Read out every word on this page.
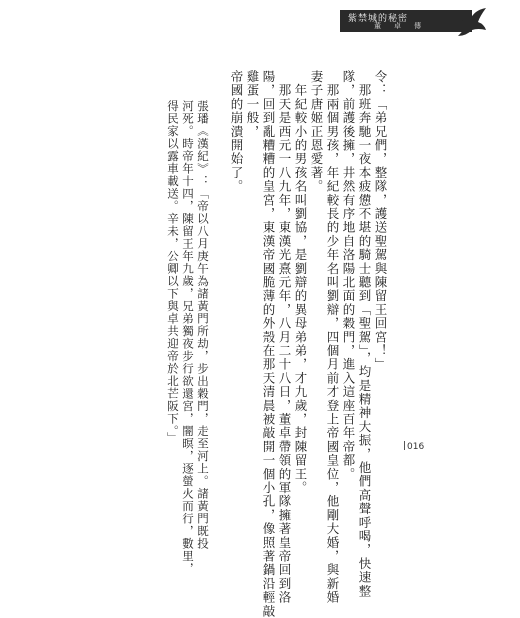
紫禁城的秘密
董　卓　傳
令：「弟兄們，整隊，護送聖駕與陳留王回宮！」
　那班奔馳一夜本疲憊不堪的騎士聽到「聖駕」，均是精神大振，他們高聲呼喝，快速整
隊，前護後擁，井然有序地自洛陽北面的穀門，進入這座百年帝都。
　那兩個男孩，年紀較長的少年名叫劉辯，四個月前才登上帝國皇位，他剛大婚，與新婚
妻子唐姬正恩愛著。
　年紀較小的男孩名叫劉協，是劉辯的異母弟弟，才九歲，封陳留王。
　那天是西元一八九年，東漢光熹元年，八月二十八日，董卓帶領的軍隊擁著皇帝回到洛
陽，回到亂糟糟的皇宮，東漢帝國脆薄的外殼在那天清晨被敲開一個小孔，像照著鍋沿輕敲
雞蛋一般，
帝國的崩潰開始了。
張璠《漢紀》：「帝以八月庚午為諸黃門所劫，步出穀門，走至河上。諸黃門既投
河死。時帝年十四，陳留王年九歲，兄弟獨夜步行欲還宮，闇暝，逐螢火而行，數里，
得民家以露車載送。辛未，公卿以下與卓共迎帝於北芒阪下。」
016
